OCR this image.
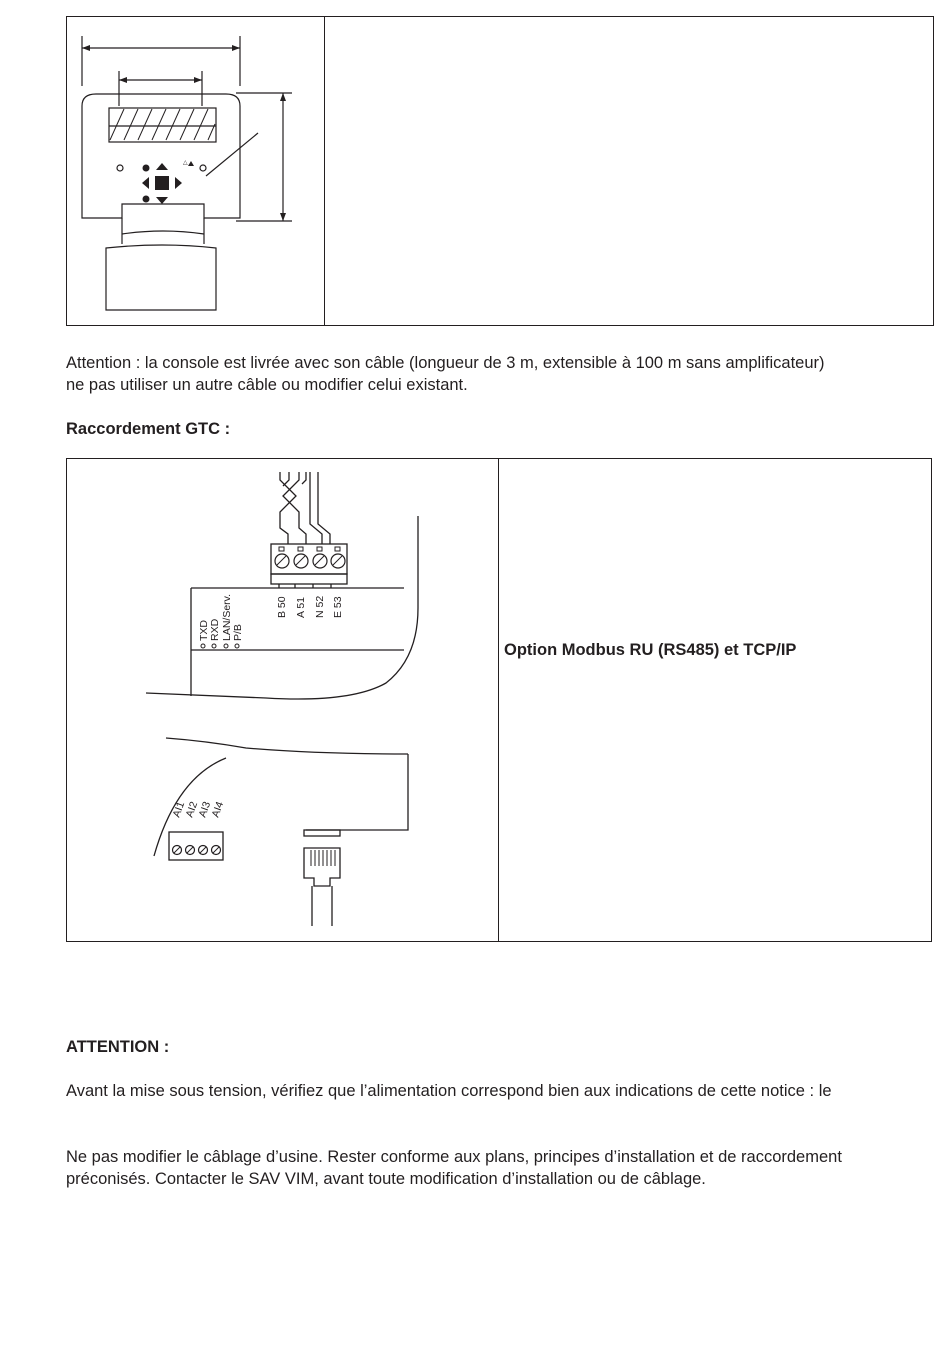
△
Attention : la console est livrée avec son câble (longueur de 3 m, extensible à 100 m sans amplificateur)
ne pas utiliser un autre câble ou modifier celui existant.
Raccordement GTC :
TXD RXD LAN/Serv. P/B
B 50 A 51 N 52 E 53
AI1
AI2
AI3
AI4
Option Modbus RU (RS485) et TCP/IP
ATTENTION :
Avant la mise sous tension, vérifiez que l’alimentation correspond bien aux indications de cette notice : le
Ne pas modifier le câblage d’usine. Rester conforme aux plans, principes d’installation et de raccordement
préconisés. Contacter le SAV VIM, avant toute modification d’installation ou de câblage.
